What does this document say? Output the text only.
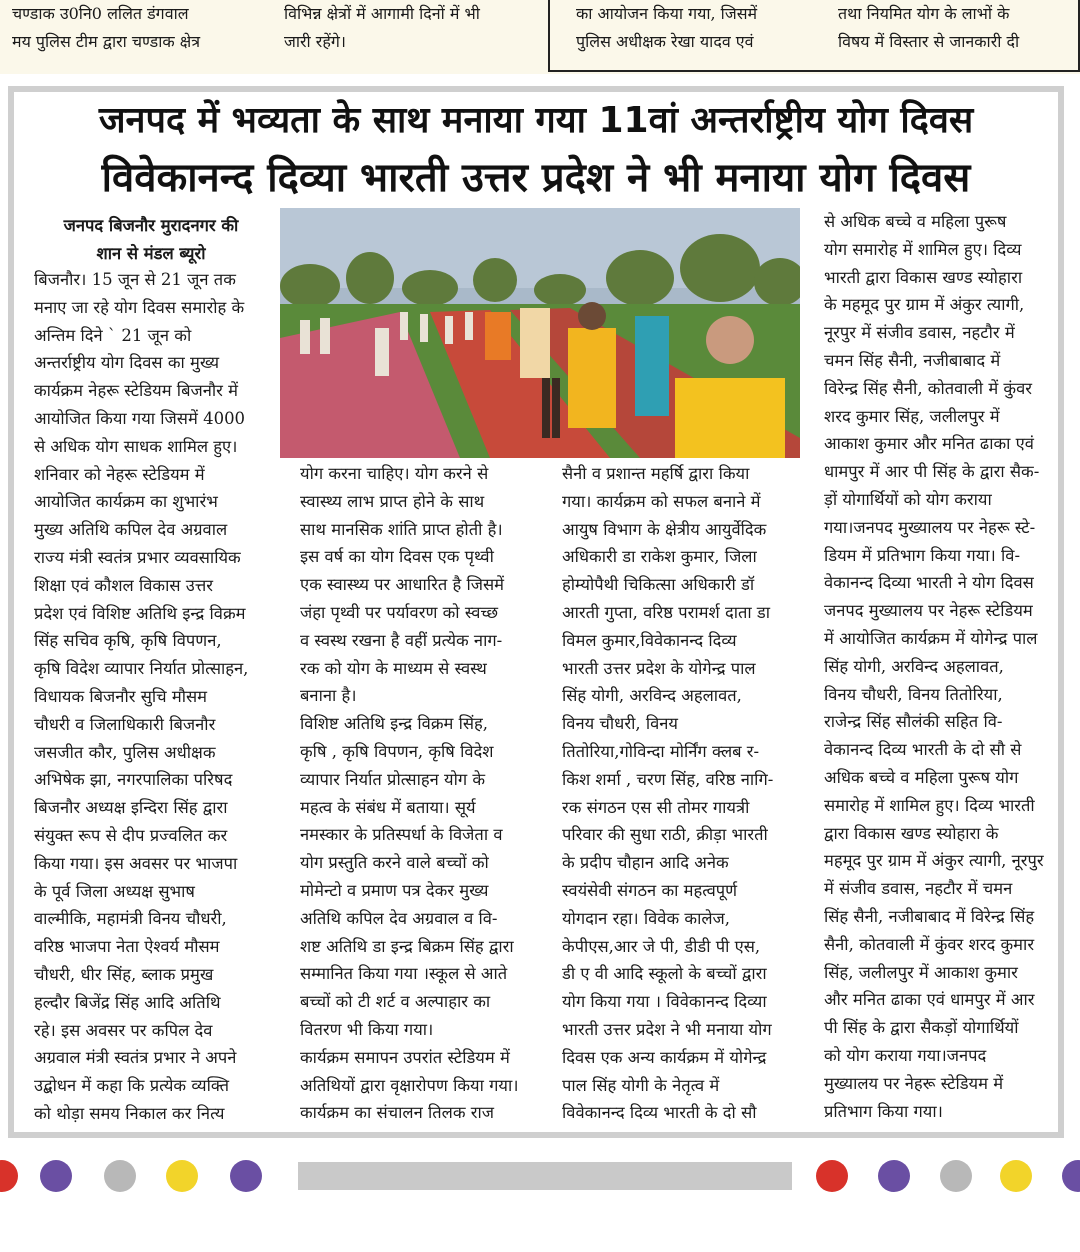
चण्डाक उ0नि0 ललित डंगवाल
मय पुलिस टीम द्वारा चण्डाक क्षेत्र
विभिन्न क्षेत्रों में आगामी दिनों में भी
जारी रहेंगे।
का आयोजन किया गया, जिसमें
पुलिस अधीक्षक रेखा यादव एवं
तथा नियमित योग के लाभों के
विषय में विस्तार से जानकारी दी
जनपद में भव्यता के साथ मनाया गया 11वां अन्तर्राष्ट्रीय योग दिवस
विवेकानन्द दिव्या भारती उत्तर प्रदेश ने भी मनाया योग दिवस
जनपद बिजनौर मुरादनगर की
शान से मंडल ब्यूरो
बिजनौर। 15 जून से 21 जून तक
मनाए जा रहे योग दिवस समारोह के
अन्तिम दिने ` 21 जून को
अन्तर्राष्ट्रीय योग दिवस का मुख्य
कार्यक्रम नेहरू स्टेडियम बिजनौर में
आयोजित किया गया जिसमें 4000
से अधिक योग साधक शामिल हुए।
शनिवार को नेहरू स्टेडियम में
आयोजित कार्यक्रम का शुभारंभ
मुख्य अतिथि कपिल देव अग्रवाल
राज्य मंत्री स्वतंत्र प्रभार व्यवसायिक
शिक्षा एवं कौशल विकास उत्तर
प्रदेश एवं विशिष्ट अतिथि इन्द्र विक्रम
सिंह सचिव कृषि, कृषि विपणन,
कृषि विदेश व्यापार निर्यात प्रोत्साहन,
विधायक बिजनौर सुचि मौसम
चौधरी व जिलाधिकारी बिजनौर
जसजीत कौर, पुलिस अधीक्षक
अभिषेक झा, नगरपालिका परिषद
बिजनौर अध्यक्ष इन्दिरा सिंह द्वारा
संयुक्त रूप से दीप प्रज्वलित कर
किया गया। इस अवसर पर भाजपा
के पूर्व जिला अध्यक्ष सुभाष
वाल्मीकि, महामंत्री विनय चौधरी,
वरिष्ठ भाजपा नेता ऐश्वर्य मौसम
चौधरी, धीर सिंह, ब्लाक प्रमुख
हल्दौर बिजेंद्र सिंह आदि अतिथि
रहे। इस अवसर पर कपिल देव
अग्रवाल मंत्री स्वतंत्र प्रभार ने अपने
उद्बोधन में कहा कि प्रत्येक व्यक्ति
को थोड़ा समय निकाल कर नित्य
योग करना चाहिए। योग करने से
स्वास्थ्य लाभ प्राप्त होने के साथ
साथ मानसिक शांति प्राप्त होती है।
इस वर्ष का योग दिवस एक पृथ्वी
एक स्वास्थ्य पर आधारित है जिसमें
जंहा पृथ्वी पर पर्यावरण को स्वच्छ
व स्वस्थ रखना है वहीं प्रत्येक नाग-
रक को योग के माध्यम से स्वस्थ
बनाना है।
विशिष्ट अतिथि इन्द्र विक्रम सिंह,
कृषि , कृषि विपणन, कृषि विदेश
व्यापार निर्यात प्रोत्साहन योग के
महत्व के संबंध में बताया। सूर्य
नमस्कार के प्रतिस्पर्धा के विजेता व
योग प्रस्तुति करने वाले बच्चों को
मोमेन्टो व प्रमाण पत्र देकर मुख्य
अतिथि कपिल देव अग्रवाल व वि-
शष्ट अतिथि डा इन्द्र बिक्रम सिंह द्वारा
सम्मानित किया गया ।स्कूल से आते
बच्चों को टी शर्ट व अल्पाहार का
वितरण भी किया गया।
कार्यक्रम समापन उपरांत स्टेडियम में
अतिथियों द्वारा वृक्षारोपण किया गया।
कार्यक्रम का संचालन तिलक राज
सैनी व प्रशान्त महर्षि द्वारा किया
गया। कार्यक्रम को सफल बनाने में
आयुष विभाग के क्षेत्रीय आयुर्वेदिक
अधिकारी डा राकेश कुमार, जिला
होम्योपैथी चिकित्सा अधिकारी डॉ
आरती गुप्ता, वरिष्ठ परामर्श दाता डा
विमल कुमार,विवेकानन्द दिव्य
भारती उत्तर प्रदेश के योगेन्द्र पाल
सिंह योगी, अरविन्द अहलावत,
विनय चौधरी, विनय
तितोरिया,गोविन्दा मोर्निंग क्लब र-
किश शर्मा , चरण सिंह, वरिष्ठ नागि-
रक संगठन एस सी तोमर गायत्री
परिवार की सुधा राठी, क्रीड़ा भारती
के प्रदीप चौहान आदि अनेक
स्वयंसेवी संगठन का महत्वपूर्ण
योगदान रहा। विवेक कालेज,
केपीएस,आर जे पी, डीडी पी एस,
डी ए वी आदि स्कूलो के बच्चों द्वारा
योग किया गया । विवेकानन्द दिव्या
भारती उत्तर प्रदेश ने भी मनाया योग
दिवस एक अन्य कार्यक्रम में योगेन्द्र
पाल सिंह योगी के नेतृत्व में
विवेकानन्द दिव्य भारती के दो सौ
से अधिक बच्चे व महिला पुरूष
योग समारोह में शामिल हुए। दिव्य
भारती द्वारा विकास खण्ड स्योहारा
के महमूद पुर ग्राम में अंकुर त्यागी,
नूरपुर में संजीव डवास, नहटौर में
चमन सिंह सैनी, नजीबाबाद में
विरेन्द्र सिंह सैनी, कोतवाली में कुंवर
शरद कुमार सिंह, जलीलपुर में
आकाश कुमार और मनित ढाका एवं
धामपुर में आर पी सिंह के द्वारा सैक-
ड़ों योगार्थियों को योग कराया
गया।जनपद मुख्यालय पर नेहरू स्टे-
डियम में प्रतिभाग किया गया। वि-
वेकानन्द दिव्या भारती ने योग दिवस
जनपद मुख्यालय पर नेहरू स्टेडियम
में आयोजित कार्यक्रम में योगेन्द्र पाल
सिंह योगी, अरविन्द अहलावत,
विनय चौधरी, विनय तितोरिया,
राजेन्द्र सिंह सौलंकी सहित वि-
वेकानन्द दिव्य भारती के दो सौ से
अधिक बच्चे व महिला पुरूष योग
समारोह में शामिल हुए। दिव्य भारती
द्वारा विकास खण्ड स्योहारा के
महमूद पुर ग्राम में अंकुर त्यागी, नूरपुर
में संजीव डवास, नहटौर में चमन
सिंह सैनी, नजीबाबाद में विरेन्द्र सिंह
सैनी, कोतवाली में कुंवर शरद कुमार
सिंह, जलीलपुर में आकाश कुमार
और मनित ढाका एवं धामपुर में आर
पी सिंह के द्वारा सैकड़ों योगार्थियों
को योग कराया गया।जनपद
मुख्यालय पर नेहरू स्टेडियम में
प्रतिभाग किया गया।
